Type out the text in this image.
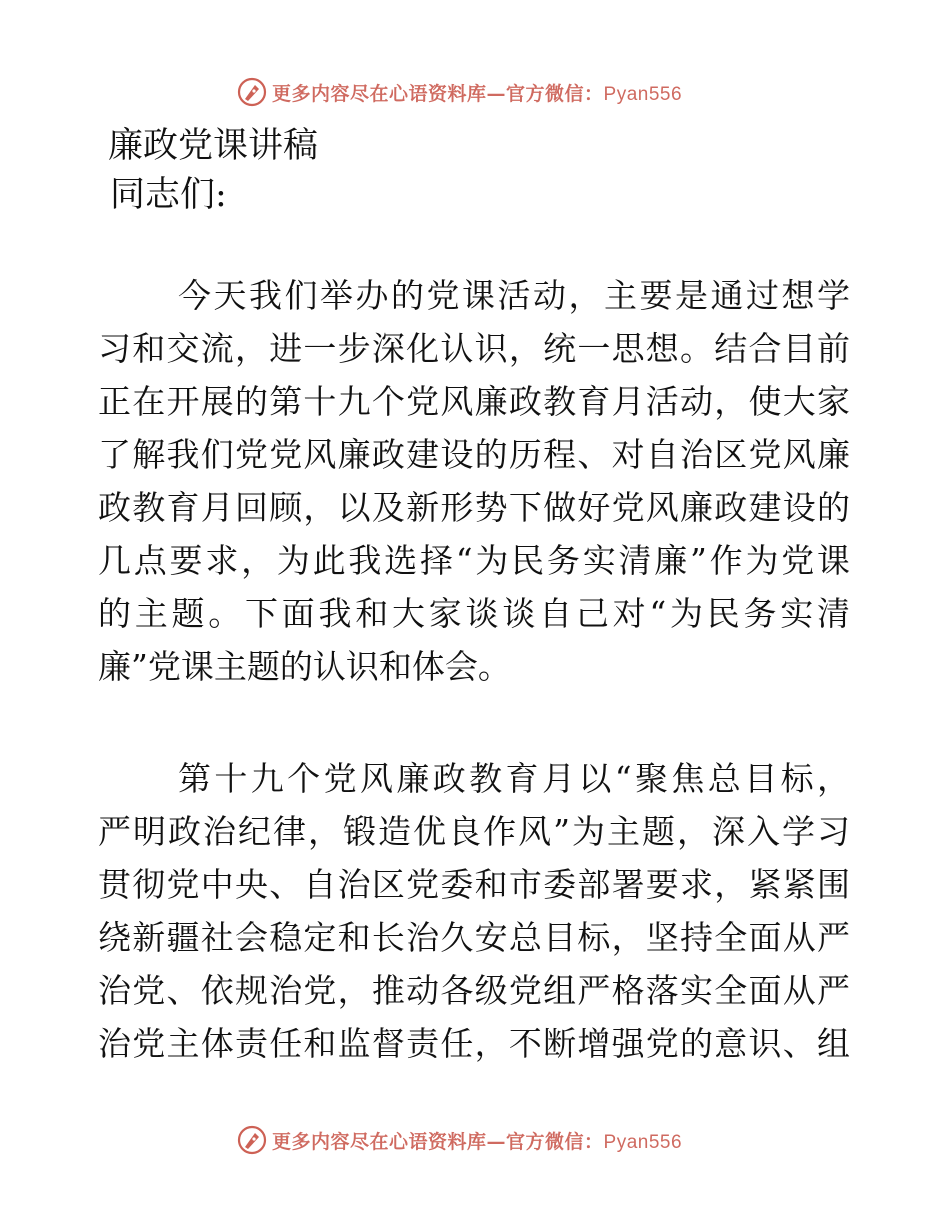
更多内容尽在心语资料库—官方微信：Pyan556
廉政党课讲稿
同志们:
今天我们举办的党课活动，主要是通过想学
习和交流，进一步深化认识，统一思想。结合目前
正在开展的第十九个党风廉政教育月活动，使大家
了解我们党党风廉政建设的历程、对自治区党风廉
政教育月回顾，以及新形势下做好党风廉政建设的
几点要求，为此我选择“为民务实清廉”作为党课
的主题。下面我和大家谈谈自己对“为民务实清
廉”党课主题的认识和体会。
第十九个党风廉政教育月以“聚焦总目标，
严明政治纪律，锻造优良作风”为主题，深入学习
贯彻党中央、自治区党委和市委部署要求，紧紧围
绕新疆社会稳定和长治久安总目标，坚持全面从严
治党、依规治党，推动各级党组严格落实全面从严
治党主体责任和监督责任，不断增强党的意识、组
更多内容尽在心语资料库—官方微信：Pyan556
